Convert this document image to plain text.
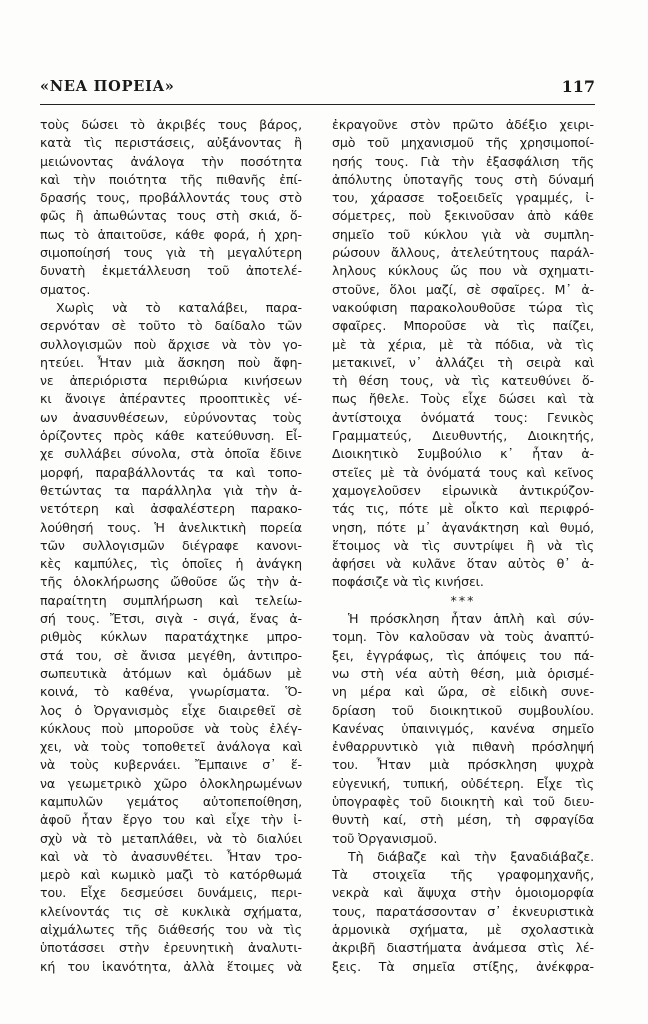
«ΝΕΑ ΠΟΡΕΙΑ»	117
τοὺς δώσει τὸ ἀκριβές τους βάρος,
κατὰ τὶς περιστάσεις, αὐξάνοντας ἢ
μειώνοντας ἀνάλογα τὴν ποσότητα
καὶ τὴν ποιότητα τῆς πιθανῆς ἐπί-
δρασής τους, προβάλλοντάς τους στὸ
φῶς ἢ ἀπωθώντας τους στὴ σκιά, ὅ-
πως τὸ ἀπαιτοῦσε, κάθε φορά, ἡ χρη-
σιμοποίησή τους γιὰ τὴ μεγαλύτερη
δυνατὴ ἐκμετάλλευση τοῦ ἀποτελέ-
σματος.
Χωρὶς νὰ τὸ καταλάβει, παρα-
σερνόταν σὲ τοῦτο τὸ δαίδαλο τῶν
συλλογισμῶν ποὺ ἄρχισε νὰ τὸν γο-
ητεύει. Ἦταν μιὰ ἄσκηση ποὺ ἄφη-
νε ἀπεριόριστα περιθώρια κινήσεων
κι ἄνοιγε ἀπέραντες προοπτικὲς νέ-
ων ἀνασυνθέσεων, εὐρύνοντας τοὺς
ὁρίζοντες πρὸς κάθε κατεύθυνση. Εἶ-
χε συλλάβει σύνολα, στὰ ὁποῖα ἔδινε
μορφή, παραβάλλοντάς τα καὶ τοπο-
θετώντας τα παράλληλα γιὰ τὴν ἀ-
νετότερη καὶ ἀσφαλέστερη παρακο-
λούθησή τους. Ἡ ἀνελικτικὴ πορεία
τῶν συλλογισμῶν διέγραφε κανονι-
κὲς καμπύλες, τὶς ὁποῖες ἡ ἀνάγκη
τῆς ὁλοκλήρωσης ὤθοῦσε ὥς τὴν ἀ-
παραίτητη συμπλήρωση καὶ τελείω-
σή τους. Ἔτσι, σιγὰ - σιγά, ἕνας ἀ-
ριθμὸς κύκλων παρατάχτηκε μπρο-
στά του, σὲ ἄνισα μεγέθη, ἀντιπρο-
σωπευτικὰ ἀτόμων καὶ ὁμάδων μὲ
κοινά, τὸ καθένα, γνωρίσματα. Ὅ-
λος ὁ Ὀργανισμὸς εἶχε διαιρεθεῖ σὲ
κύκλους ποὺ μποροῦσε νὰ τοὺς ἐλέγ-
χει, νὰ τοὺς τοποθετεῖ ἀνάλογα καὶ
νὰ τοὺς κυβερνάει. Ἔμπαινε σ᾿ ἕ-
να γεωμετρικὸ χῶρο ὁλοκληρωμένων
καμπυλῶν γεμάτος αὐτοπεποίθηση,
ἀφοῦ ἦταν ἔργο του καὶ εἶχε τὴν ἰ-
σχὺ νὰ τὸ μεταπλάθει, νὰ τὸ διαλύει
καὶ νὰ τὸ ἀνασυνθέτει. Ἦταν τρο-
μερὸ καὶ κωμικὸ μαζὶ τὸ κατόρθωμά
του. Εἶχε δεσμεύσει δυνάμεις, περι-
κλείνοντάς τις σὲ κυκλικὰ σχήματα,
αἰχμάλωτες τῆς διάθεσής του νὰ τὶς
ὑποτάσσει στὴν ἐρευνητικὴ ἀναλυτι-
κή του ἱκανότητα, ἀλλὰ ἕτοιμες νὰ
ἐκραγοῦνε στὸν πρῶτο ἀδέξιο χειρι-
σμὸ τοῦ μηχανισμοῦ τῆς χρησιμοποί-
ησής τους. Γιὰ τὴν ἐξασφάλιση τῆς
ἀπόλυτης ὑποταγῆς τους στὴ δύναμή
του, χάρασσε τοξοειδεῖς γραμμές, ἰ-
σόμετρες, ποὺ ξεκινοῦσαν ἀπὸ κάθε
σημεῖο τοῦ κύκλου γιὰ νὰ συμπλη-
ρώσουν ἄλλους, ἀτελεύτητους παράλ-
ληλους κύκλους ὥς που νὰ σχηματι-
στοῦνε, ὅλοι μαζί, σὲ σφαῖρες. Μ᾿ ἀ-
νακούφιση παρακολουθοῦσε τώρα τὶς
σφαῖρες. Μποροῦσε νὰ τὶς παίζει,
μὲ τὰ χέρια, μὲ τὰ πόδια, νὰ τὶς
μετακινεῖ, ν᾿ ἀλλάζει τὴ σειρὰ καὶ
τὴ θέση τους, νὰ τὶς κατευθύνει ὅ-
πως ἤθελε. Τοὺς εἶχε δώσει καὶ τὰ
ἀντίστοιχα ὀνόματά τους: Γενικὸς
Γραμματεύς, Διευθυντής, Διοικητής,
Διοικητικὸ Συμβούλιο κ᾿ ἦταν ἀ-
στεῖες μὲ τὰ ὀνόματά τους καὶ κεῖνος
χαμογελοῦσεν εἰρωνικὰ ἀντικρύζον-
τάς τις, πότε μὲ οἶκτο καὶ περιφρό-
νηση, πότε μ᾿ ἀγανάκτηση καὶ θυμό,
ἕτοιμος νὰ τὶς συντρίψει ἢ νὰ τὶς
ἀφήσει νὰ κυλᾶνε ὅταν αὐτὸς θ᾿ ἀ-
ποφάσιζε νὰ τὶς κινήσει.
***
Ἡ πρόσκληση ἦταν ἁπλὴ καὶ σύν-
τομη. Τὸν καλοῦσαν νὰ τοὺς ἀναπτύ-
ξει, ἐγγράφως, τὶς ἀπόψεις του πά-
νω στὴ νέα αὐτὴ θέση, μιὰ ὁρισμέ-
νη μέρα καὶ ὥρα, σὲ εἰδικὴ συνε-
δρίαση τοῦ διοικητικοῦ συμβουλίου.
Κανένας ὑπαινιγμός, κανένα σημεῖο
ἐνθαρρυντικὸ γιὰ πιθανὴ πρόσληψή
του. Ἦταν μιὰ πρόσκληση ψυχρὰ
εὐγενική, τυπική, οὐδέτερη. Εἶχε τὶς
ὑπογραφὲς τοῦ διοικητὴ καὶ τοῦ διευ-
θυντὴ καί, στὴ μέση, τὴ σφραγίδα
τοῦ Ὀργανισμοῦ.
Τὴ διάβαζε καὶ τὴν ξαναδιάβαζε.
Τὰ στοιχεῖα τῆς γραφομηχανῆς,
νεκρὰ καὶ ἄψυχα στὴν ὁμοιομορφία
τους, παρατάσσονταν σ᾿ ἐκνευριστικὰ
ἁρμονικὰ σχήματα, μὲ σχολαστικὰ
ἀκριβῆ διαστήματα ἀνάμεσα στὶς λέ-
ξεις. Τὰ σημεῖα στίξης, ἀνέκφρα-
